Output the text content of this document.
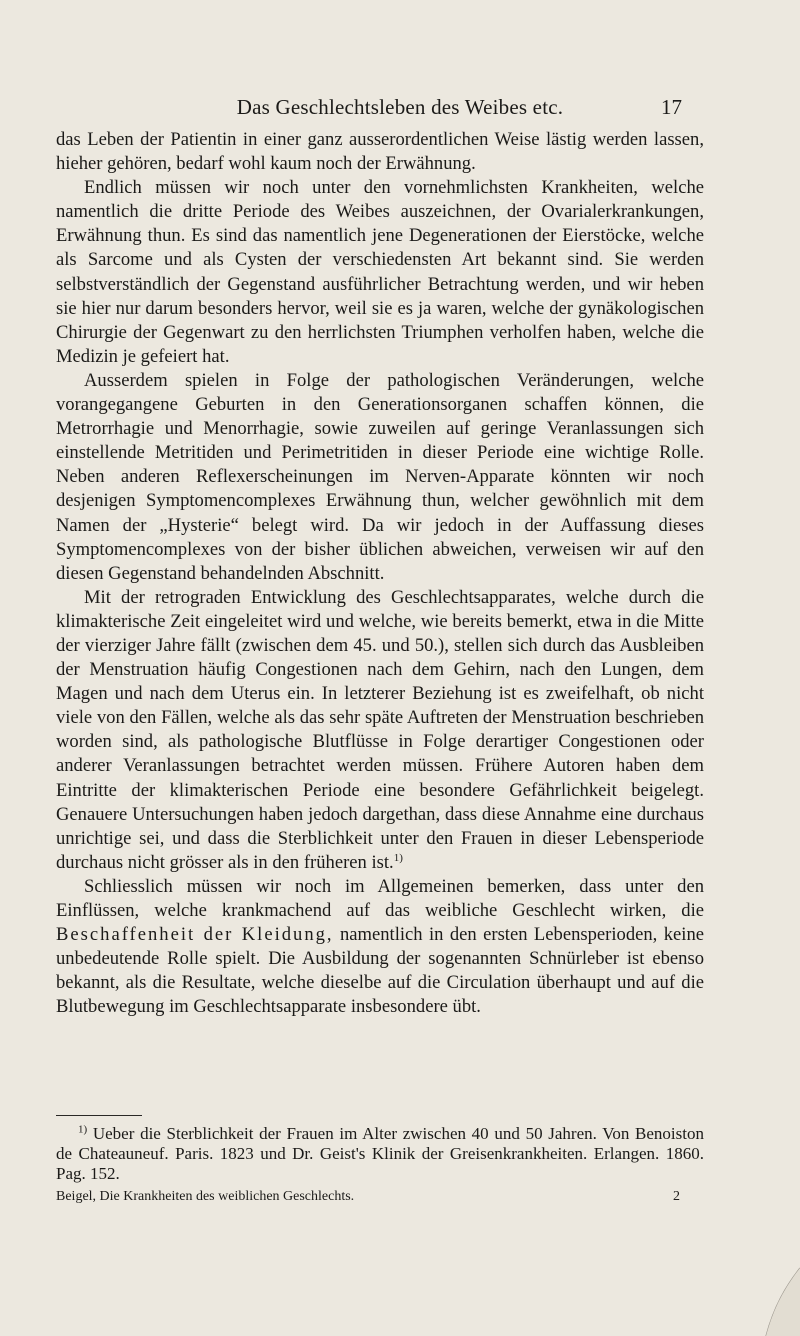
Das Geschlechtsleben des Weibes etc.	17

das Leben der Patientin in einer ganz ausserordentlichen Weise lästig werden lassen, hieher gehören, bedarf wohl kaum noch der Erwähnung.

Endlich müssen wir noch unter den vornehmlichsten Krankheiten, welche namentlich die dritte Periode des Weibes auszeichnen, der Ovarialerkrankungen, Erwähnung thun. Es sind das namentlich jene Degenerationen der Eierstöcke, welche als Sarcome und als Cysten der verschiedensten Art bekannt sind. Sie werden selbstverständlich der Gegenstand ausführlicher Betrachtung werden, und wir heben sie hier nur darum besonders hervor, weil sie es ja waren, welche der gynäkologischen Chirurgie der Gegenwart zu den herrlichsten Triumphen verholfen haben, welche die Medizin je gefeiert hat.

Ausserdem spielen in Folge der pathologischen Veränderungen, welche vorangegangene Geburten in den Generationsorganen schaffen können, die Metrorrhagie und Menorrhagie, sowie zuweilen auf geringe Veranlassungen sich einstellende Metritiden und Perimetritiden in dieser Periode eine wichtige Rolle. Neben anderen Reflexerscheinungen im Nerven-Apparate könnten wir noch desjenigen Symptomencomplexes Erwähnung thun, welcher gewöhnlich mit dem Namen der „Hysterie“ belegt wird. Da wir jedoch in der Auffassung dieses Symptomencomplexes von der bisher üblichen abweichen, verweisen wir auf den diesen Gegenstand behandelnden Abschnitt.

Mit der retrograden Entwicklung des Geschlechtsapparates, welche durch die klimakterische Zeit eingeleitet wird und welche, wie bereits bemerkt, etwa in die Mitte der vierziger Jahre fällt (zwischen dem 45. und 50.), stellen sich durch das Ausbleiben der Menstruation häufig Congestionen nach dem Gehirn, nach den Lungen, dem Magen und nach dem Uterus ein. In letzterer Beziehung ist es zweifelhaft, ob nicht viele von den Fällen, welche als das sehr späte Auftreten der Menstruation beschrieben worden sind, als pathologische Blutflüsse in Folge derartiger Congestionen oder anderer Veranlassungen betrachtet werden müssen. Frühere Autoren haben dem Eintritte der klimakterischen Periode eine besondere Gefährlichkeit beigelegt. Genauere Untersuchungen haben jedoch dargethan, dass diese Annahme eine durchaus unrichtige sei, und dass die Sterblichkeit unter den Frauen in dieser Lebensperiode durchaus nicht grösser als in den früheren ist.$^{1)}$

Schliesslich müssen wir noch im Allgemeinen bemerken, dass unter den Einflüssen, welche krankmachend auf das weibliche Geschlecht wirken, die Beschaffenheit der Kleidung, namentlich in den ersten Lebensperioden, keine unbedeutende Rolle spielt. Die Ausbildung der sogenannten Schnürleber ist ebenso bekannt, als die Resultate, welche dieselbe auf die Circulation überhaupt und auf die Blutbewegung im Geschlechtsapparate insbesondere übt.

$^{1)}$ Ueber die Sterblichkeit der Frauen im Alter zwischen 40 und 50 Jahren. Von Benoiston de Chateauneuf. Paris. 1823 und Dr. Geist's Klinik der Greisenkrankheiten. Erlangen. 1860. Pag. 152.

Beigel, Die Krankheiten des weiblichen Geschlechts.	2
